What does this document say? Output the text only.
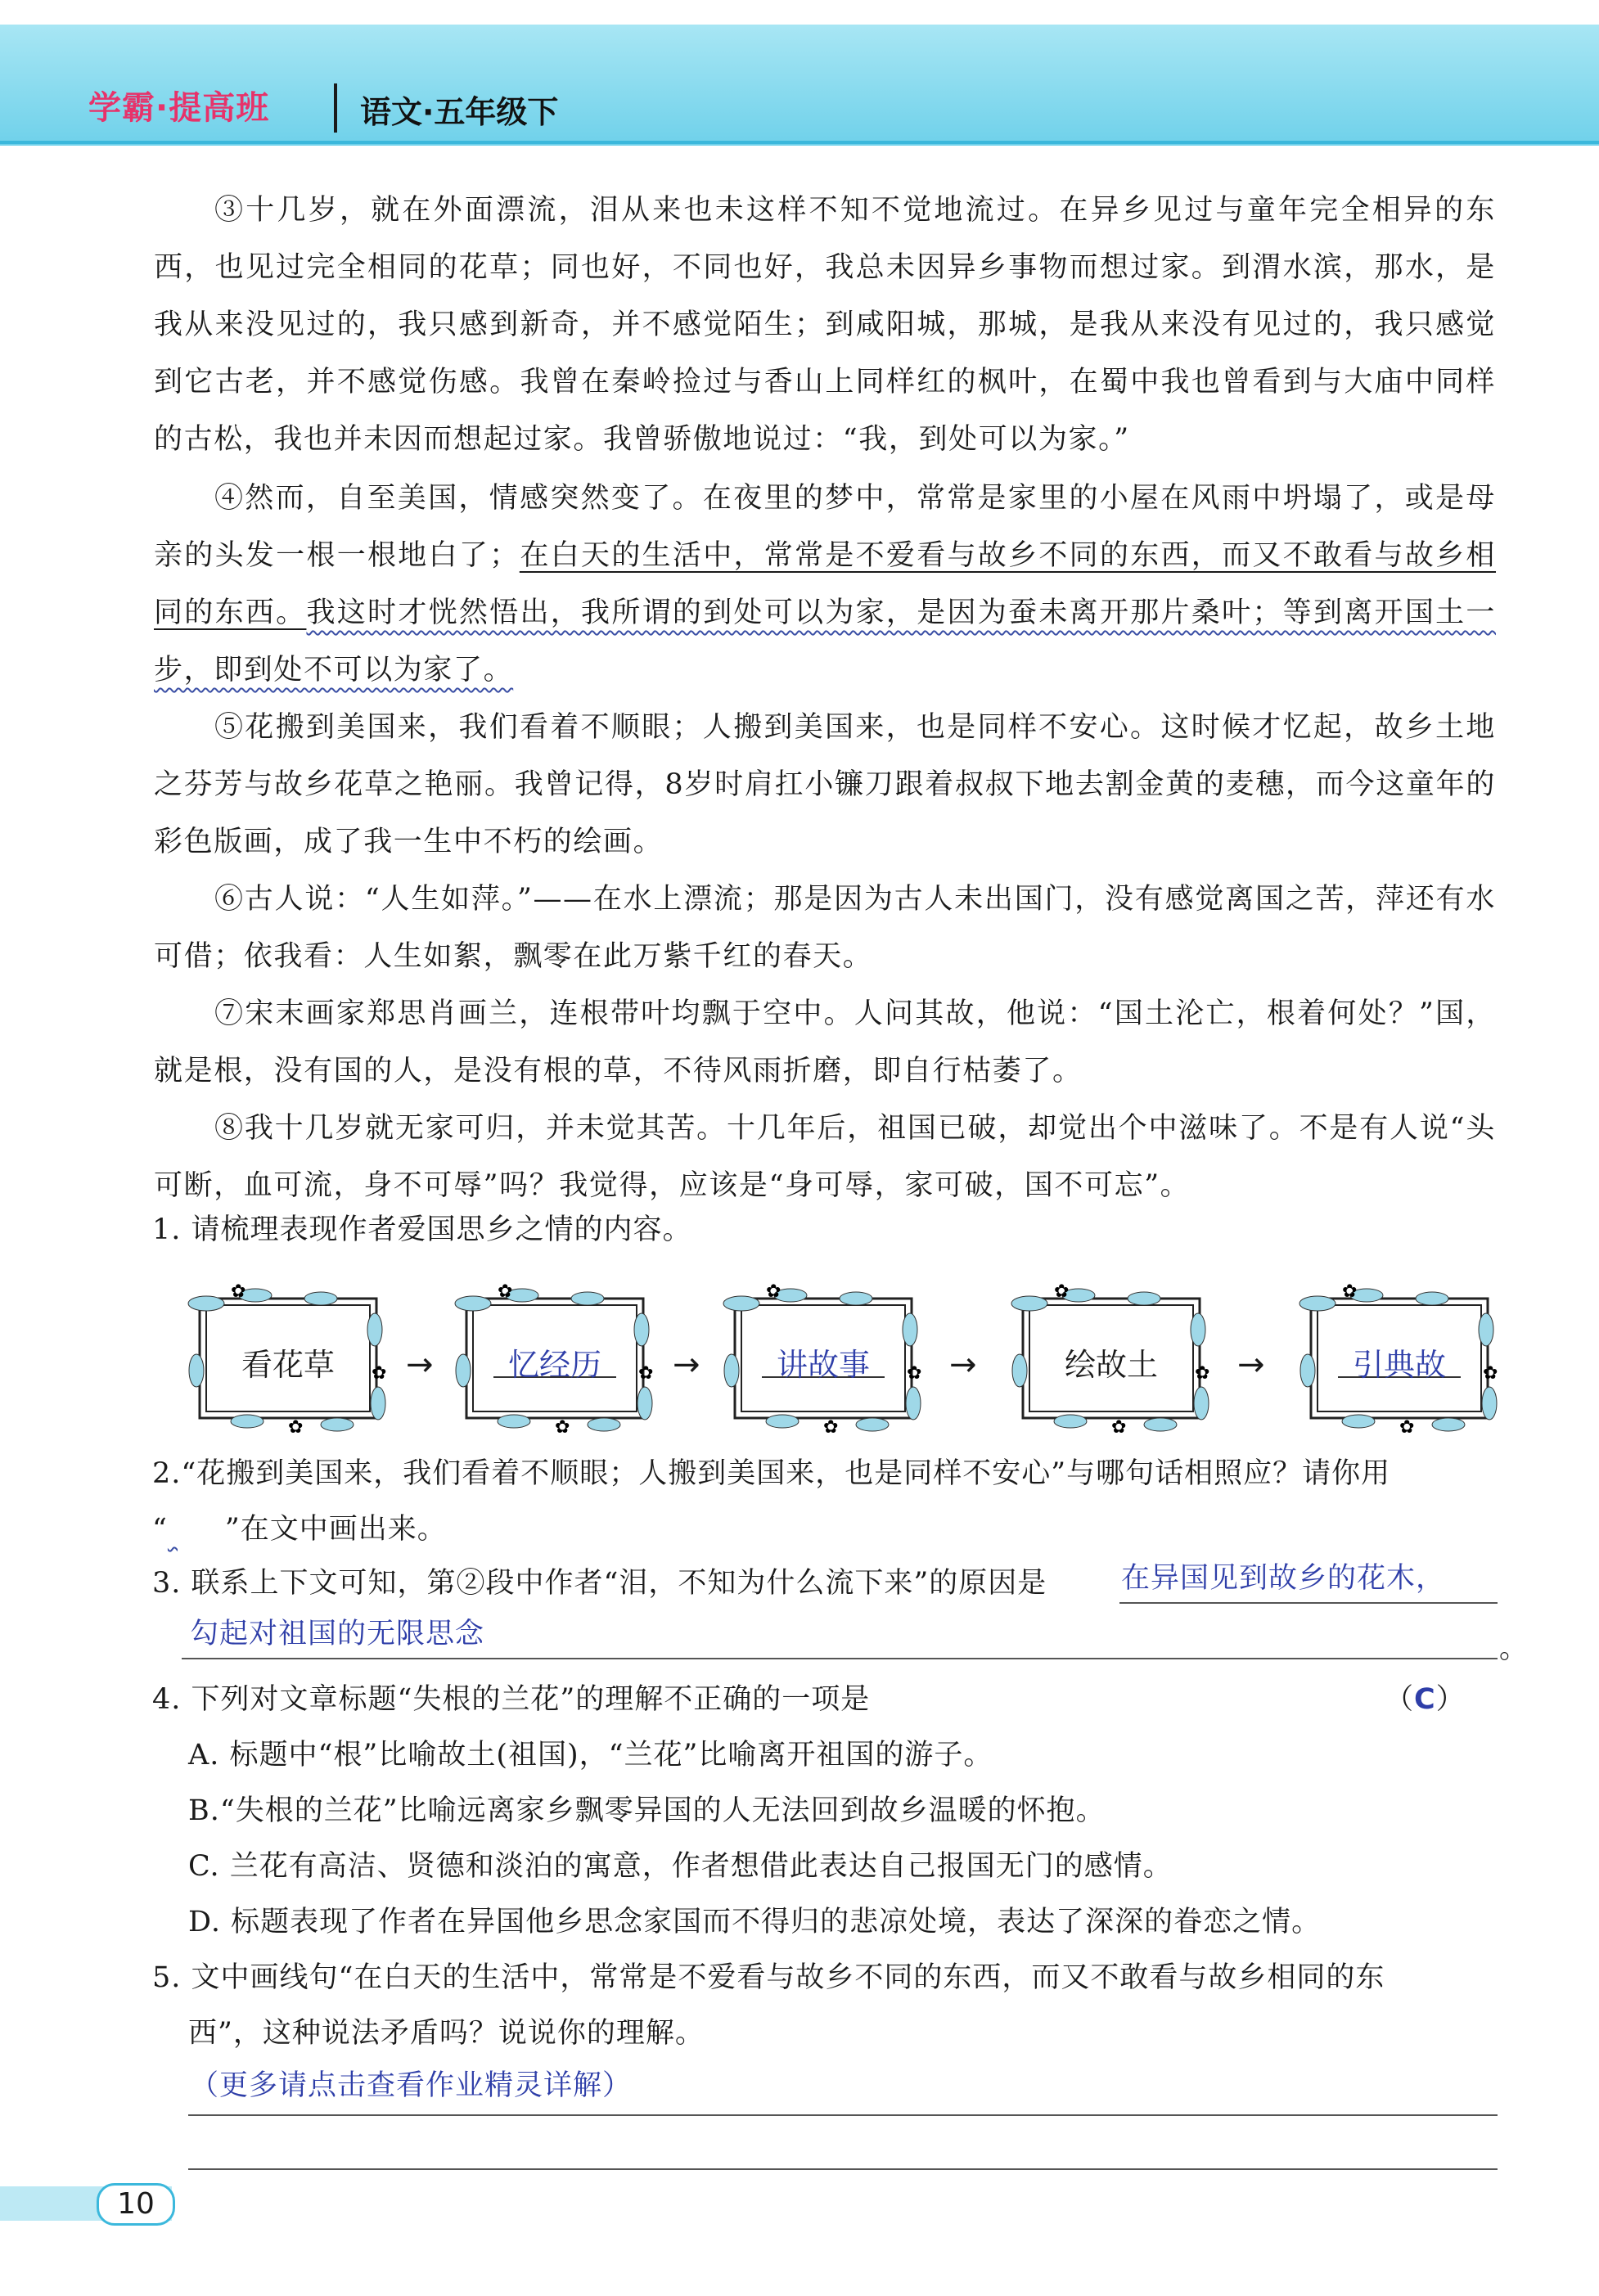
学霸·提高班	语文·五年级下
③十几岁，就在外面漂流，泪从来也未这样不知不觉地流过。在异乡见过与童年完全相异的东西，也见过完全相同的花草；同也好，不同也好，我总未因异乡事物而想过家。到渭水滨，那水，是我从来没见过的，我只感到新奇，并不感觉陌生；到咸阳城，那城，是我从来没有见过的，我只感觉到它古老，并不感觉伤感。我曾在秦岭捡过与香山上同样红的枫叶，在蜀中我也曾看到与大庙中同样的古松，我也并未因而想起过家。我曾骄傲地说过：“我，到处可以为家。”
④然而，自至美国，情感突然变了。在夜里的梦中，常常是家里的小屋在风雨中坍塌了，或是母亲的头发一根一根地白了；在白天的生活中，常常是不爱看与故乡不同的东西，而又不敢看与故乡相同的东西。我这时才恍然悟出，我所谓的到处可以为家，是因为蚕未离开那片桑叶；等到离开国土一步，即到处不可以为家了。
⑤花搬到美国来，我们看着不顺眼；人搬到美国来，也是同样不安心。这时候才忆起，故乡土地之芬芳与故乡花草之艳丽。我曾记得，8岁时肩扛小镰刀跟着叔叔下地去割金黄的麦穗，而今这童年的彩色版画，成了我一生中不朽的绘画。
⑥古人说：“人生如萍。”——在水上漂流；那是因为古人未出国门，没有感觉离国之苦，萍还有水可借；依我看：人生如絮，飘零在此万紫千红的春天。
⑦宋末画家郑思肖画兰，连根带叶均飘于空中。人问其故，他说：“国土沦亡，根着何处？”国，就是根，没有国的人，是没有根的草，不待风雨折磨，即自行枯萎了。
⑧我十几岁就无家可归，并未觉其苦。十几年后，祖国已破，却觉出个中滋味了。不是有人说“头可断，血可流，身不可辱”吗？我觉得，应该是“身可辱，家可破，国不可忘”。
1. 请梳理表现作者爱国思乡之情的内容。
✿
✿
✿
看花草	→
✿
✿
✿
忆经历	→
✿
✿
✿
讲故事	→
✿
✿
✿
绘故土	→
✿
✿
✿
引典故
2.“花搬到美国来，我们看着不顺眼；人搬到美国来，也是同样不安心”与哪句话相照应？请你用
“ ”在文中画出来。
3. 联系上下文可知，第②段中作者“泪，不知为什么流下来”的原因是	在异国见到故乡的花木，
勾起对祖国的无限思念	。
4. 下列对文章标题“失根的兰花”的理解不正确的一项是	（C）
A. 标题中“根”比喻故土(祖国)，“兰花”比喻离开祖国的游子。
B.“失根的兰花”比喻远离家乡飘零异国的人无法回到故乡温暖的怀抱。
C. 兰花有高洁、贤德和淡泊的寓意，作者想借此表达自己报国无门的感情。
D. 标题表现了作者在异国他乡思念家国而不得归的悲凉处境，表达了深深的眷恋之情。
5. 文中画线句“在白天的生活中，常常是不爱看与故乡不同的东西，而又不敢看与故乡相同的东
西”，这种说法矛盾吗？说说你的理解。
（更多请点击查看作业精灵详解）
10
